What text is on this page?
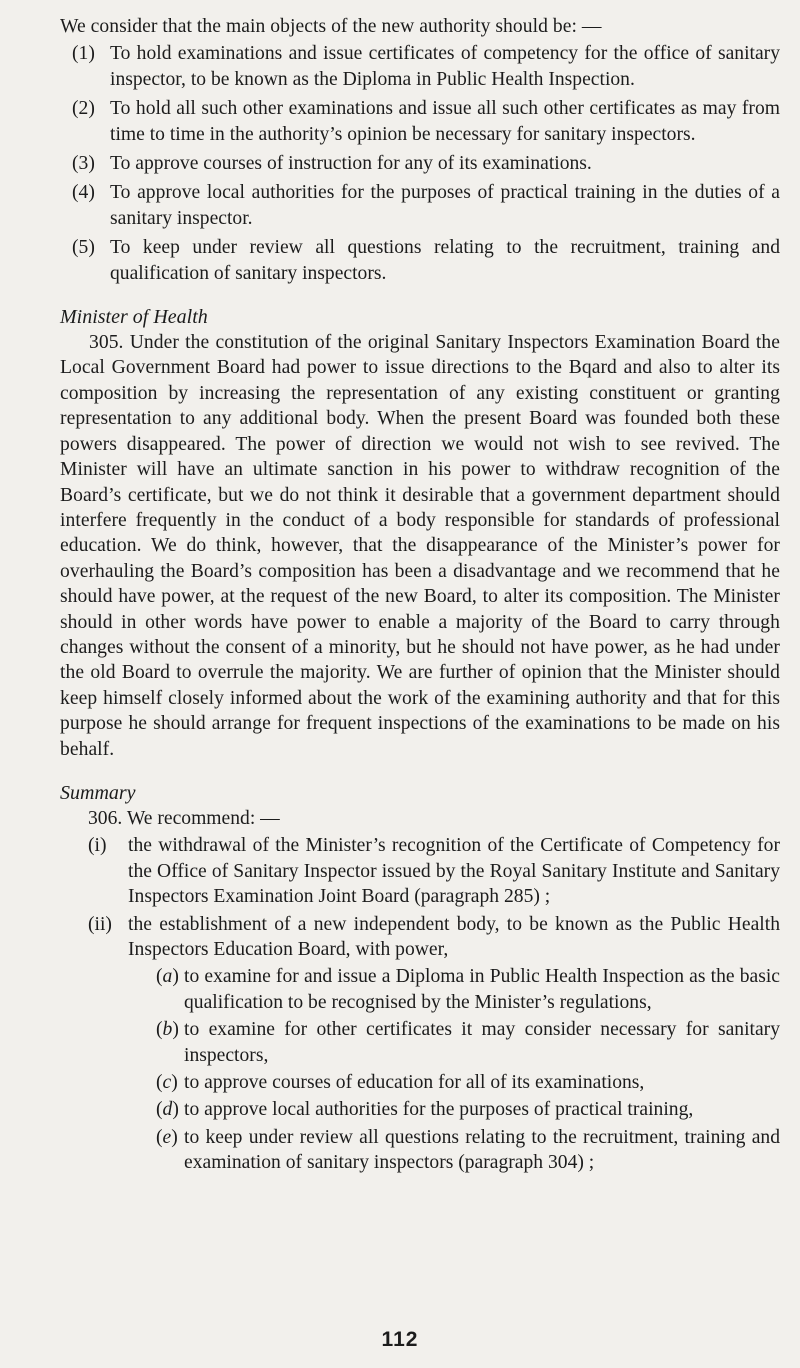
We consider that the main objects of the new authority should be: —

(1) To hold examinations and issue certificates of competency for the office of sanitary inspector, to be known as the Diploma in Public Health Inspection.
(2) To hold all such other examinations and issue all such other certificates as may from time to time in the authority’s opinion be necessary for sanitary inspectors.
(3) To approve courses of instruction for any of its examinations.
(4) To approve local authorities for the purposes of practical training in the duties of a sanitary inspector.
(5) To keep under review all questions relating to the recruitment, training and qualification of sanitary inspectors.

Minister of Health

305. Under the constitution of the original Sanitary Inspectors Examination Board the Local Government Board had power to issue directions to the Bqard and also to alter its composition by increasing the representation of any existing constituent or granting representation to any additional body. When the present Board was founded both these powers disappeared. The power of direction we would not wish to see revived. The Minister will have an ultimate sanction in his power to withdraw recognition of the Board’s certificate, but we do not think it desirable that a government department should interfere frequently in the conduct of a body responsible for standards of professional education. We do think, however, that the disappearance of the Minister’s power for overhauling the Board’s composition has been a disadvantage and we recommend that he should have power, at the request of the new Board, to alter its composition. The Minister should in other words have power to enable a majority of the Board to carry through changes without the consent of a minority, but he should not have power, as he had under the old Board to overrule the majority. We are further of opinion that the Minister should keep himself closely informed about the work of the examining authority and that for this purpose he should arrange for frequent inspections of the examinations to be made on his behalf.

Summary

306. We recommend: —

(i)	the withdrawal of the Minister’s recognition of the Certificate of Competency for the Office of Sanitary Inspector issued by the Royal Sanitary Institute and Sanitary Inspectors Examination Joint Board (paragraph 285) ;
(ii) the establishment of a new independent body, to be known as the Public Health Inspectors Education Board, with power,
(a) to examine for and issue a Diploma in Public Health Inspection as the basic qualification to be recognised by the Minister’s regulations,
(b) to examine for other certificates it may consider necessary for sanitary inspectors,
(c) to approve courses of education for all of its examinations,
(d) to approve local authorities for the purposes of practical training,
(e) to keep under review all questions relating to the recruitment, training and examination of sanitary inspectors (paragraph 304) ;
112
